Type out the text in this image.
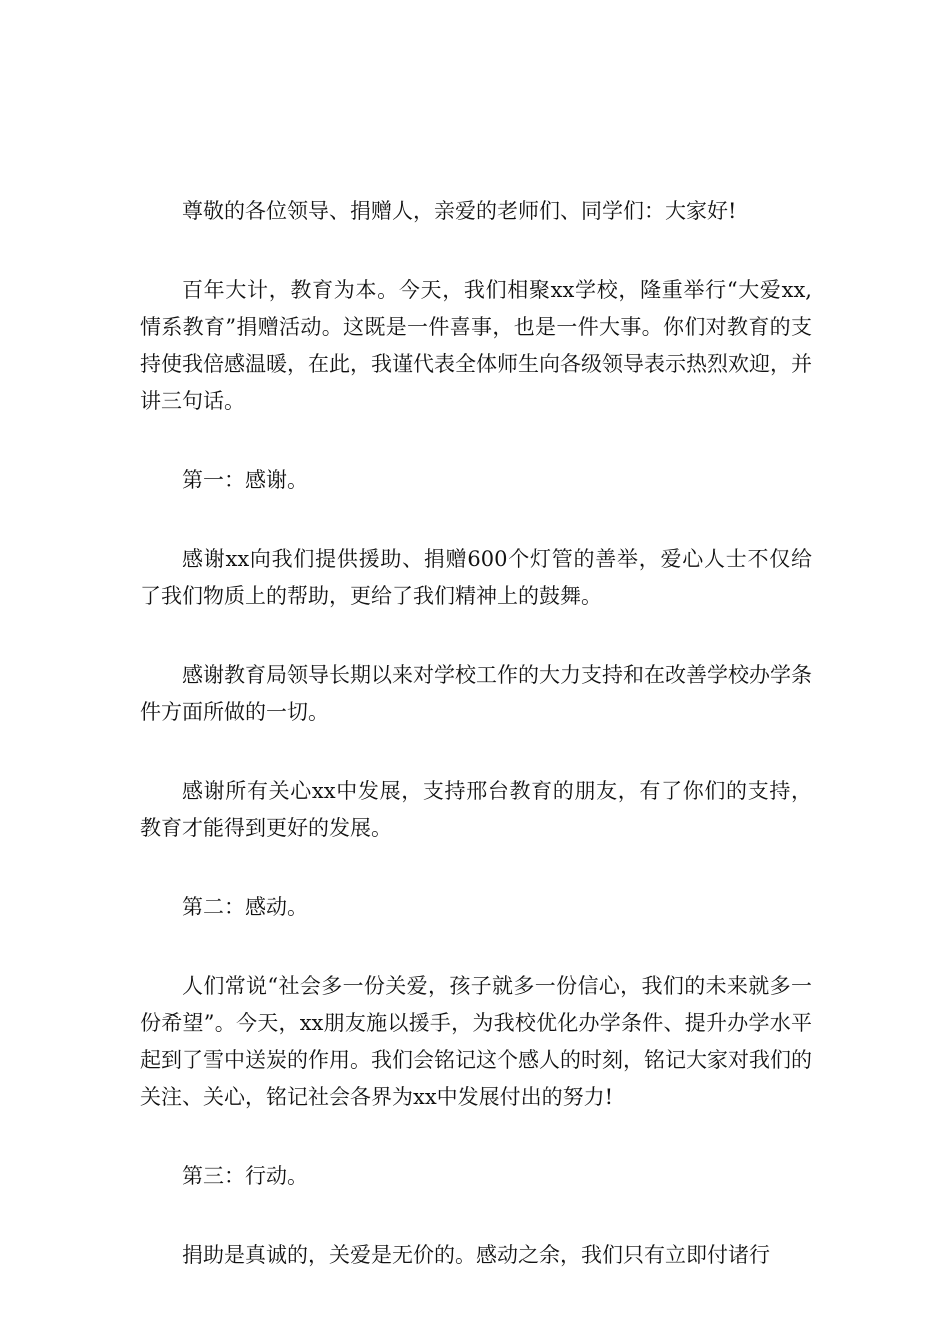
尊敬的各位领导、捐赠人，亲爱的老师们、同学们：大家好!

百年大计，教育为本。今天，我们相聚xx学校，隆重举行“大爱xx,情系教育”捐赠活动。这既是一件喜事，也是一件大事。你们对教育的支持使我倍感温暖，在此，我谨代表全体师生向各级领导表示热烈欢迎，并讲三句话。

第一：感谢。

感谢xx向我们提供援助、捐赠600个灯管的善举，爱心人士不仅给了我们物质上的帮助，更给了我们精神上的鼓舞。

感谢教育局领导长期以来对学校工作的大力支持和在改善学校办学条件方面所做的一切。

感谢所有关心xx中发展，支持邢台教育的朋友，有了你们的支持，教育才能得到更好的发展。

第二：感动。

人们常说“社会多一份关爱，孩子就多一份信心，我们的未来就多一份希望”。今天，xx朋友施以援手，为我校优化办学条件、提升办学水平起到了雪中送炭的作用。我们会铭记这个感人的时刻，铭记大家对我们的关注、关心，铭记社会各界为xx中发展付出的努力!

第三：行动。

捐助是真诚的，关爱是无价的。感动之余，我们只有立即付诸行
